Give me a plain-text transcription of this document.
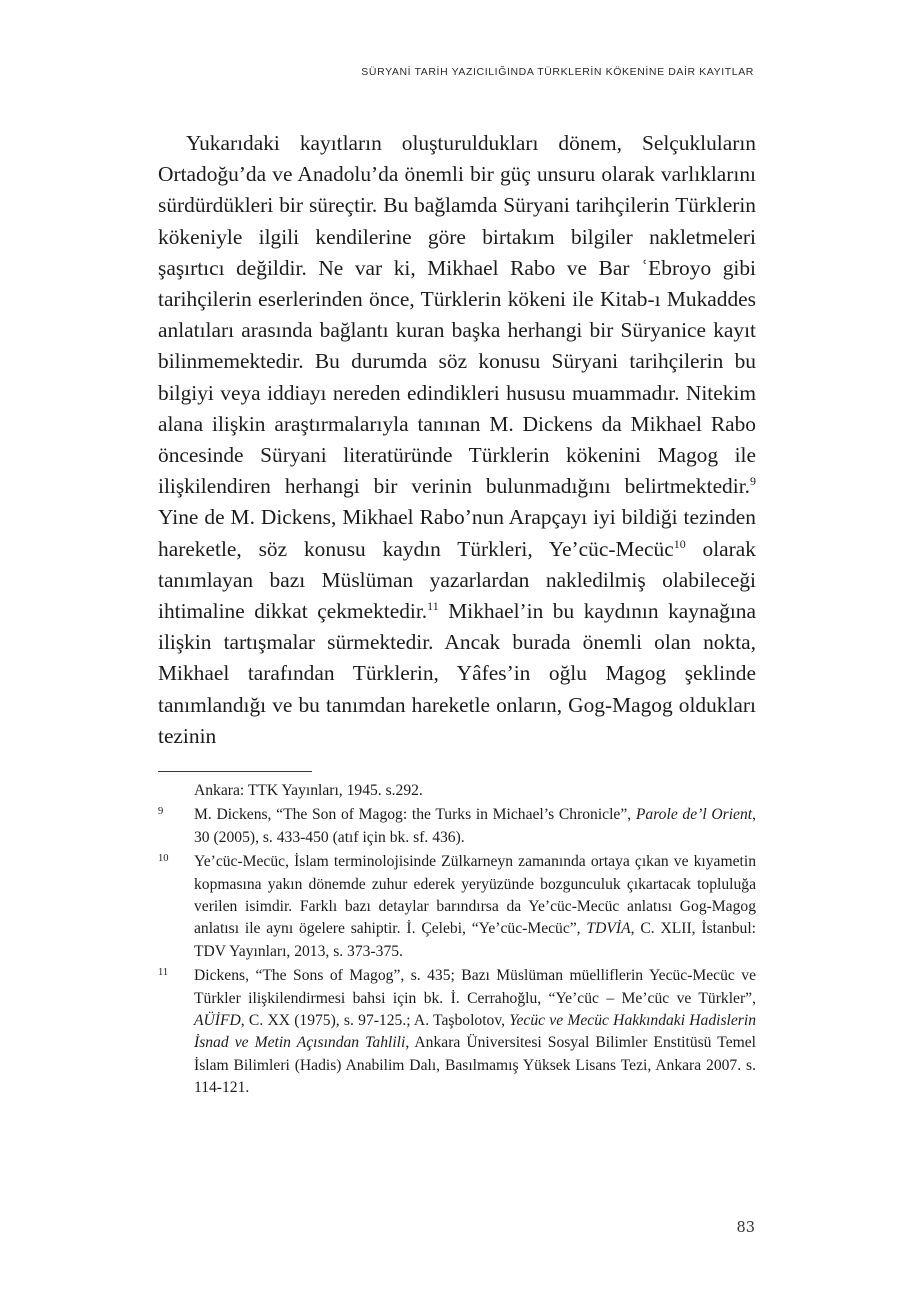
SÜRYANİ TARİH YAZICILIĞINDA TÜRKLERİN KÖKENİNE DAİR KAYITLAR

Yukarıdaki kayıtların oluşturuldukları dönem, Selçukluların Ortadoğu’da ve Anadolu’da önemli bir güç unsuru olarak varlıklarını sürdürdükleri bir süreçtir. Bu bağlamda Süryani tarihçilerin Türklerin kökeniyle ilgili kendilerine göre birtakım bilgiler nakletmeleri şaşırtıcı değildir. Ne var ki, Mikhael Rabo ve Bar ʿEbroyo gibi tarihçilerin eserlerinden önce, Türklerin kökeni ile Kitab-ı Mukaddes anlatıları arasında bağlantı kuran başka herhangi bir Süryanice kayıt bilinmemektedir. Bu durumda söz konusu Süryani tarihçilerin bu bilgiyi veya iddiayı nereden edindikleri hususu muammadır. Nitekim alana ilişkin araştırmalarıyla tanınan M. Dickens da Mikhael Rabo öncesinde Süryani literatüründe Türklerin kökenini Magog ile ilişkilendiren herhangi bir verinin bulunmadığını belirtmektedir.$^9$ Yine de M. Dickens, Mikhael Rabo’nun Arapçayı iyi bildiği tezinden hareketle, söz konusu kaydın Türkleri, Ye’cüc-Mecüc$^{10}$ olarak tanımlayan bazı Müslüman yazarlardan nakledilmiş olabileceği ihtimaline dikkat çekmektedir.$^{11}$ Mikhael’in bu kaydının kaynağına ilişkin tartışmalar sürmektedir. Ancak burada önemli olan nokta, Mikhael tarafından Türklerin, Yâfes’in oğlu Magog şeklinde tanımlandığı ve bu tanımdan hareketle onların, Gog-Magog oldukları tezinin

Ankara: TTK Yayınları, 1945. s.292.
9	M. Dickens, “The Son of Magog: the Turks in Michael’s Chronicle”, Parole de’l Orient, 30 (2005), s. 433-450 (atıf için bk. sf. 436).
10	Ye’cüc-Mecüc, İslam terminolojisinde Zülkarneyn zamanında ortaya çıkan ve kıyametin kopmasına yakın dönemde zuhur ederek yeryüzünde bozgunculuk çıkartacak topluluğa verilen isimdir. Farklı bazı detaylar barındırsa da Ye’cüc-Mecüc anlatısı Gog-Magog anlatısı ile aynı ögelere sahiptir. İ. Çelebi, “Ye’cüc-Mecüc”, TDVİA, C. XLII, İstanbul: TDV Yayınları, 2013, s. 373-375.
11	Dickens, “The Sons of Magog”, s. 435; Bazı Müslüman müelliflerin Yecüc-Mecüc ve Türkler ilişkilendirmesi bahsi için bk. İ. Cerrahoğlu, “Ye’cüc – Me’cüc ve Türkler”, AÜİFD, C. XX (1975), s. 97-125.; A. Taşbolotov, Yecüc ve Mecüc Hakkındaki Hadislerin İsnad ve Metin Açısından Tahlili, Ankara Üniversitesi Sosyal Bilimler Enstitüsü Temel İslam Bilimleri (Hadis) Anabilim Dalı, Basılmamış Yüksek Lisans Tezi, Ankara 2007. s. 114-121.
83
